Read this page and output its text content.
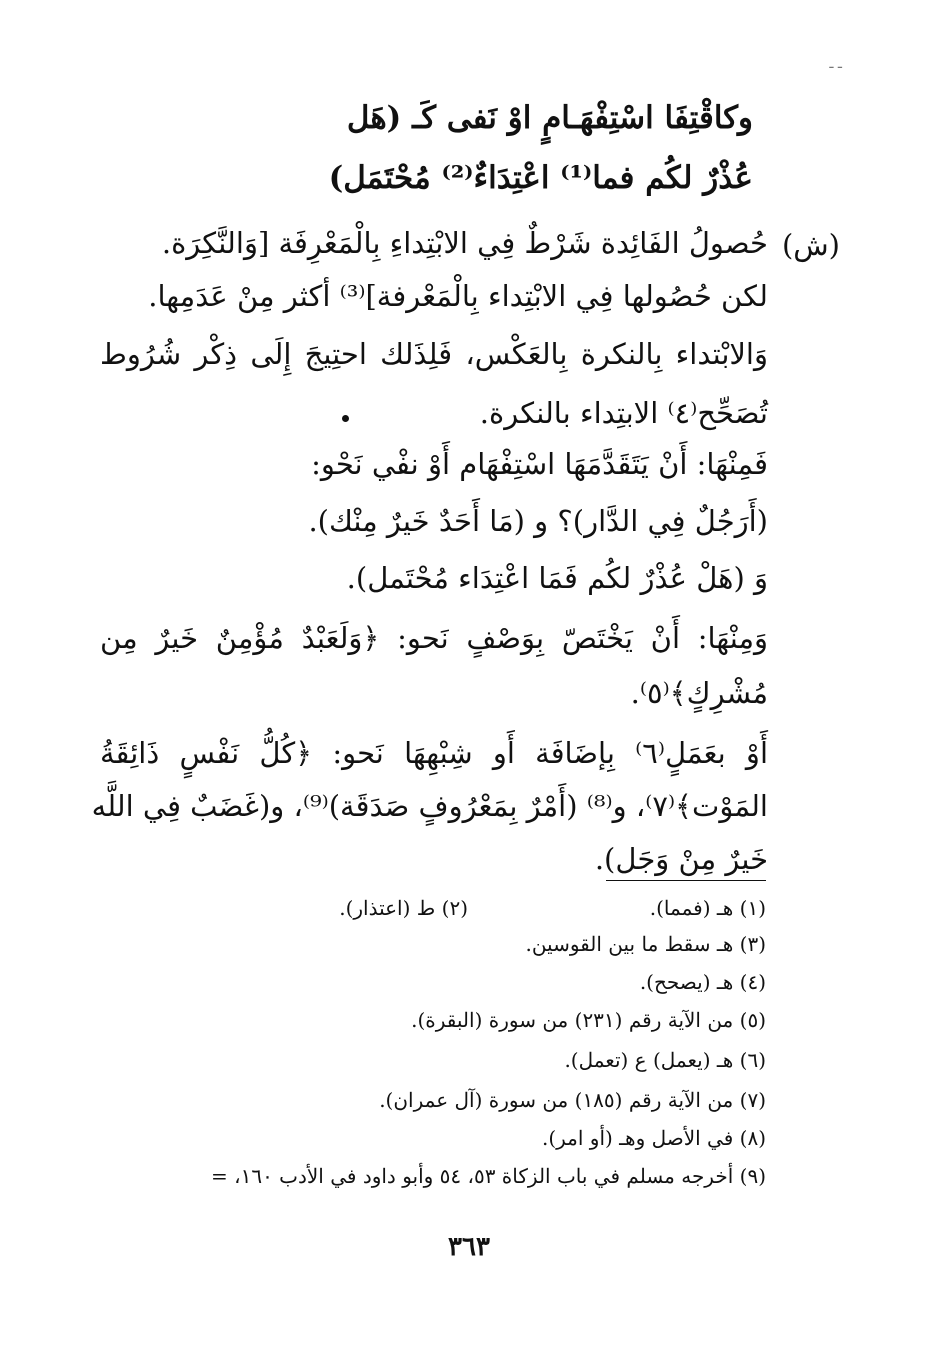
ـ ـ
وكاقْتِفَا اسْتِفْهَـامٍ اوْ نَفى كَـ (هَل
عُذْرٌ لكُم فما⁽¹⁾ اعْتِدَاءٌ⁽²⁾ مُحْتَمَل)
(ش)
حُصولُ الفَائِدة شَرْطٌ فِي الابْتِداءِ بِالْمَعْرِفَة [وَالنَّكِرَة.
لكن حُصُولها فِي الابْتِداء بِالْمَعْرفة]⁽³⁾ أكثر مِنْ عَدَمِها.
وَالابْتداء بِالنكرة بِالعَكْس، فَلِذَلك احتِيجَ إِلَى ذِكْر شُرُوط
تُصَحِّح⁽٤⁾ الابتِداء بالنكرة.
فَمِنْهَا: أَنْ يَتَقَدَّمَهَا اسْتِفْهَام أَوْ نفْي نَحْو:
(أَرَجُلٌ فِي الدَّار)؟ و (مَا أَحَدٌ خَيرٌ مِنْك).
وَ (هَلْ عُذْرٌ لكُم فَمَا اعْتِدَاء مُحْتَمل).
وَمِنْهَا: أَنْ يَخْتَصّ بِوَصْفٍ نَحو: ﴿وَلَعَبْدٌ مُؤْمِنٌ خَيرٌ مِن
مُشْرِكٍ﴾⁽٥⁾.
أَوْ بعَمَلٍ⁽٦⁾ بِإضَافَة أَو شِبْهِهَا نَحو: ﴿كُلُّ نَفْسٍ ذَائِقَةُ
المَوْت﴾⁽٧⁾، و⁽⁸⁾ (أَمْرٌ بِمَعْرُوفٍ صَدَقَة)⁽⁹⁾، و(غَضَبٌ فِي اللَّه
خَيرٌ مِنْ وَجَل).
(١) هـ (فمما).
(٢) ط (اعتذار).
(٣) هـ سقط ما بين القوسين.
(٤) هـ (يصحح).
(٥) من الآية رقم (٢٣١) من سورة (البقرة).
(٦) هـ (يعمل) ع (تعمل).
(٧) من الآية رقم (١٨٥) من سورة (آل عمران).
(٨) في الأصل وهـ (أو امر).
(٩) أخرجه مسلم في باب الزكاة ٥٣، ٥٤ وأبو داود في الأدب ١٦٠، =
٣٦٣
